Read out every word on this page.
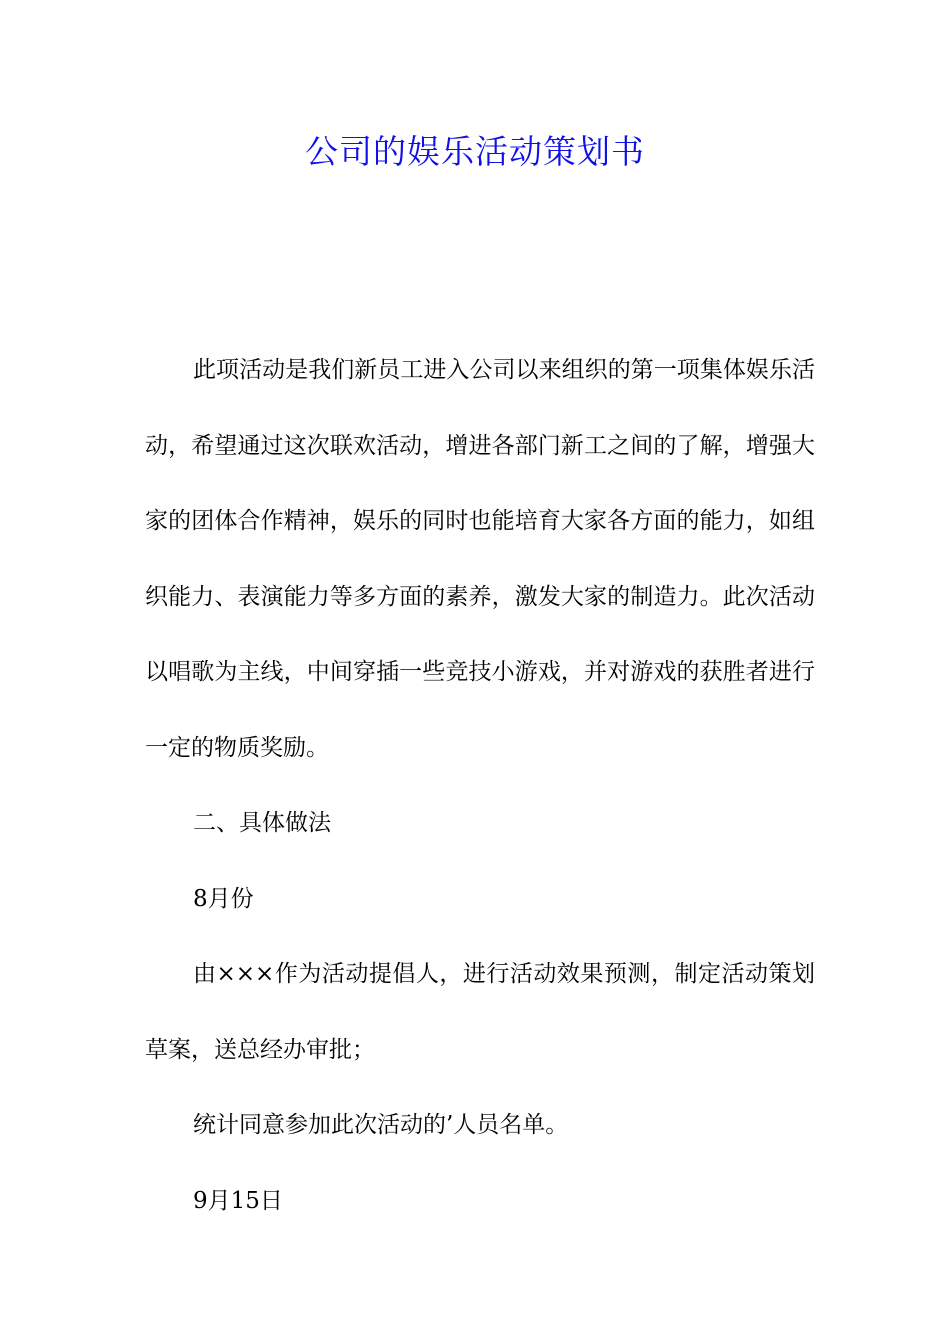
公司的娱乐活动策划书

此项活动是我们新员工进入公司以来组织的第一项集体娱乐活动，希望通过这次联欢活动，增进各部门新工之间的了解，增强大家的团体合作精神，娱乐的同时也能培育大家各方面的能力，如组织能力、表演能力等多方面的素养，激发大家的制造力。此次活动以唱歌为主线，中间穿插一些竞技小游戏，并对游戏的获胜者进行一定的物质奖励。

二、具体做法

8月份

由×××作为活动提倡人，进行活动效果预测，制定活动策划草案，送总经办审批；

统计同意参加此次活动的’人员名单。

9月15日
